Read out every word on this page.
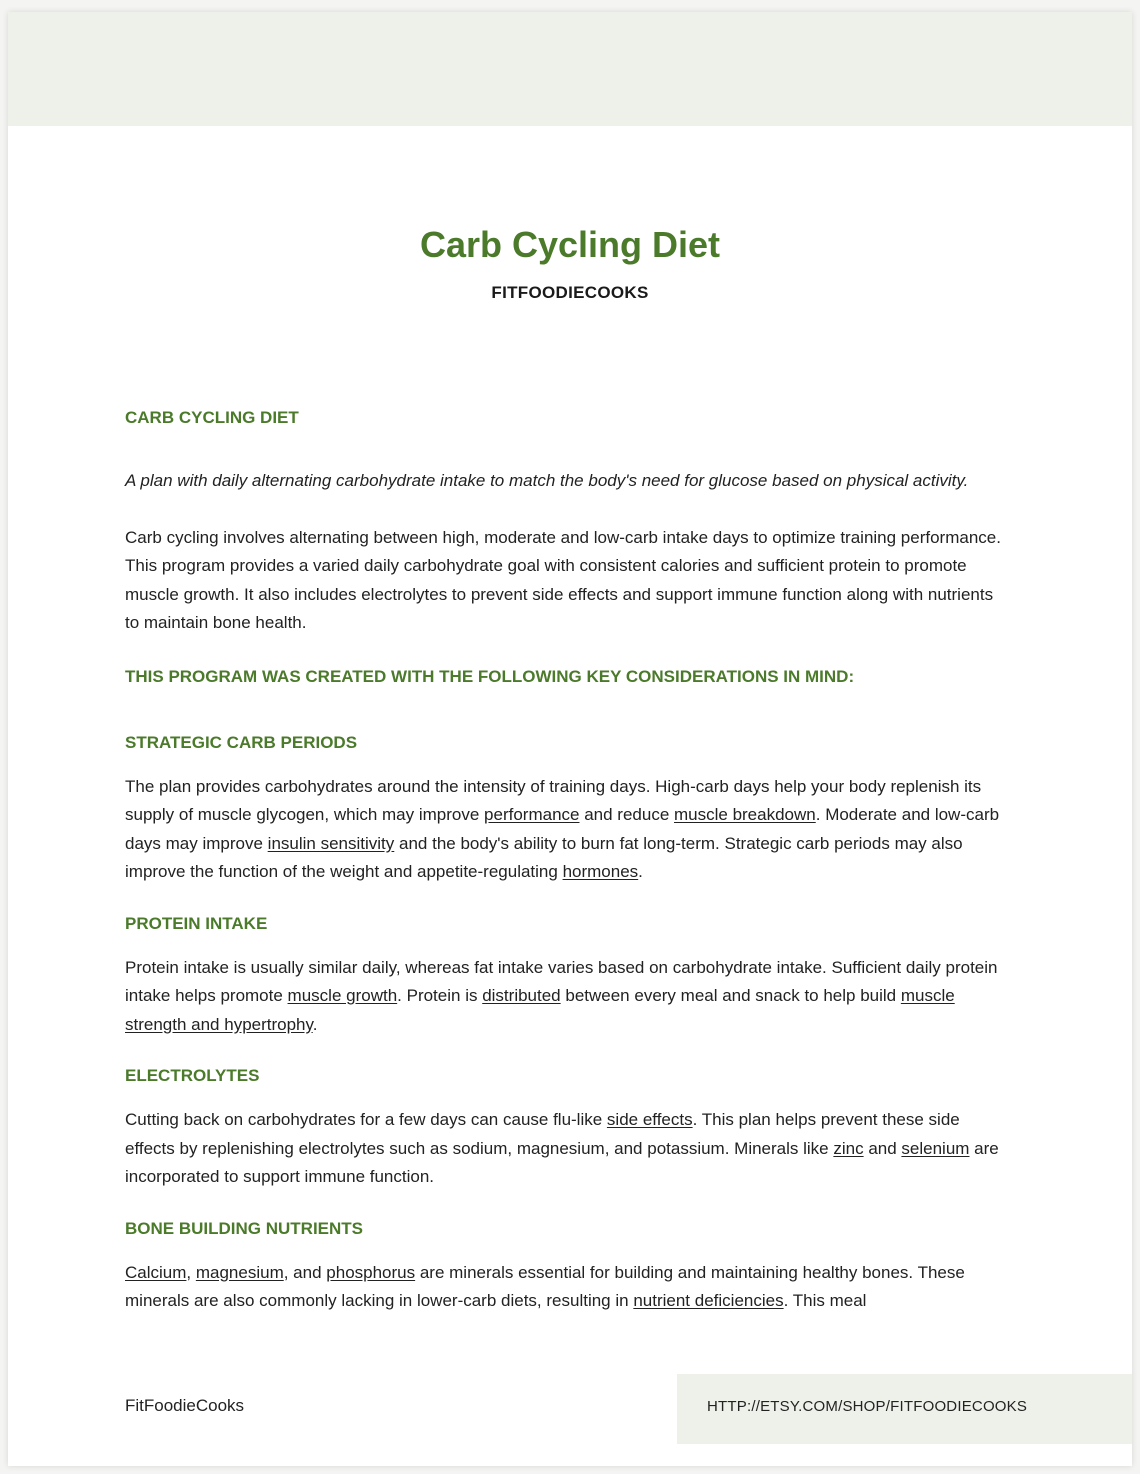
Carb Cycling Diet
FITFOODIECOOKS
CARB CYCLING DIET

A plan with daily alternating carbohydrate intake to match the body's need for glucose based on physical activity.

Carb cycling involves alternating between high, moderate and low-carb intake days to optimize training performance. This program provides a varied daily carbohydrate goal with consistent calories and sufficient protein to promote muscle growth. It also includes electrolytes to prevent side effects and support immune function along with nutrients to maintain bone health.

THIS PROGRAM WAS CREATED WITH THE FOLLOWING KEY CONSIDERATIONS IN MIND:
STRATEGIC CARB PERIODS

The plan provides carbohydrates around the intensity of training days. High-carb days help your body replenish its supply of muscle glycogen, which may improve performance and reduce muscle breakdown. Moderate and low-carb days may improve insulin sensitivity and the body's ability to burn fat long-term. Strategic carb periods may also improve the function of the weight and appetite-regulating hormones.

PROTEIN INTAKE

Protein intake is usually similar daily, whereas fat intake varies based on carbohydrate intake. Sufficient daily protein intake helps promote muscle growth. Protein is distributed between every meal and snack to help build muscle strength and hypertrophy.

ELECTROLYTES

Cutting back on carbohydrates for a few days can cause flu-like side effects. This plan helps prevent these side effects by replenishing electrolytes such as sodium, magnesium, and potassium. Minerals like zinc and selenium are incorporated to support immune function.

BONE BUILDING NUTRIENTS

Calcium, magnesium, and phosphorus are minerals essential for building and maintaining healthy bones. These minerals are also commonly lacking in lower-carb diets, resulting in nutrient deficiencies. This meal

FitFoodieCooks	HTTP://ETSY.COM/SHOP/FITFOODIECOOKS
